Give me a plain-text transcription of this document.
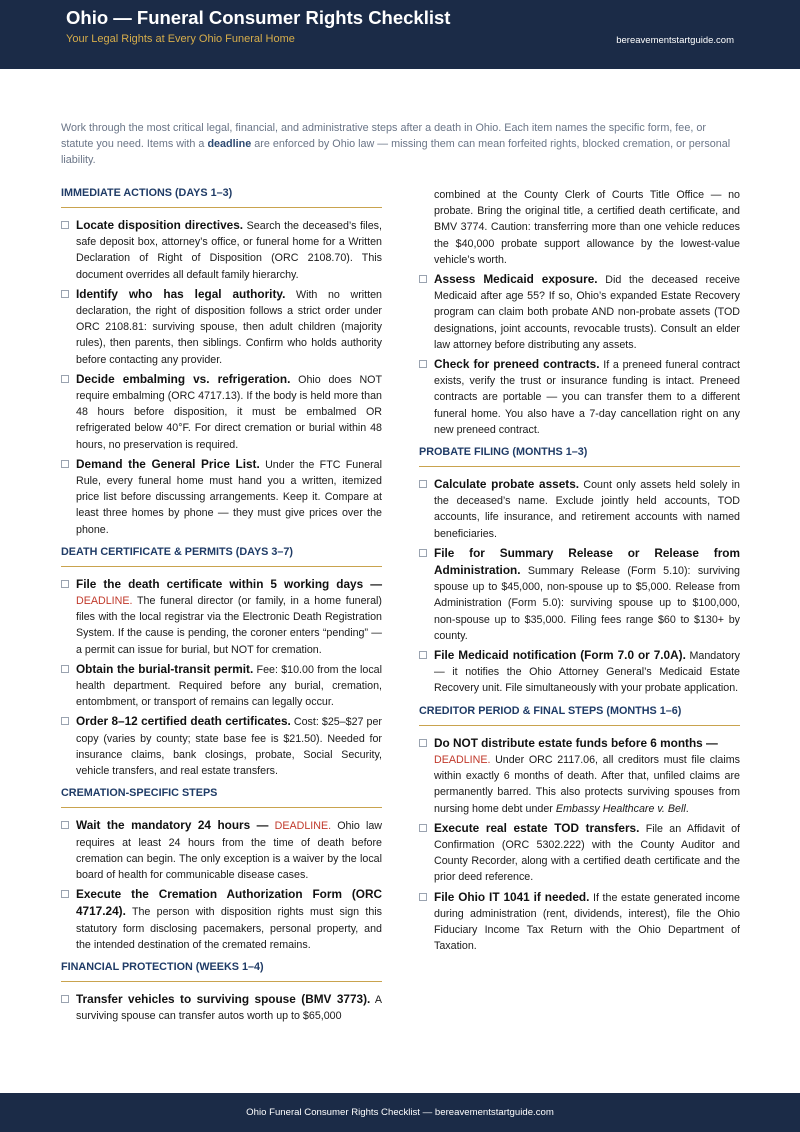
Ohio — Funeral Consumer Rights Checklist
Your Legal Rights at Every Ohio Funeral Home	bereavementstartguide.com
Work through the most critical legal, financial, and administrative steps after a death in Ohio. Each item names the specific form, fee, or statute you need. Items with a deadline are enforced by Ohio law — missing them can mean forfeited rights, blocked cremation, or personal liability.
IMMEDIATE ACTIONS (DAYS 1–3)
Locate disposition directives. Search the deceased’s files, safe deposit box, attorney’s office, or funeral home for a Written Declaration of Right of Disposition (ORC 2108.70). This document overrides all default family hierarchy.
Identify who has legal authority. With no written declaration, the right of disposition follows a strict order under ORC 2108.81: surviving spouse, then adult children (majority rules), then parents, then siblings. Confirm who holds authority before contacting any provider.
Decide embalming vs. refrigeration. Ohio does NOT require embalming (ORC 4717.13). If the body is held more than 48 hours before disposition, it must be embalmed OR refrigerated below 40°F. For direct cremation or burial within 48 hours, no preservation is required.
Demand the General Price List. Under the FTC Funeral Rule, every funeral home must hand you a written, itemized price list before discussing arrangements. Keep it. Compare at least three homes by phone — they must give prices over the phone.
DEATH CERTIFICATE & PERMITS (DAYS 3–7)
File the death certificate within 5 working days — DEADLINE. The funeral director (or family, in a home funeral) files with the local registrar via the Electronic Death Registration System. If the cause is pending, the coroner enters “pending” — a permit can issue for burial, but NOT for cremation.
Obtain the burial-transit permit. Fee: $10.00 from the local health department. Required before any burial, cremation, entombment, or transport of remains can legally occur.
Order 8–12 certified death certificates. Cost: $25–$27 per copy (varies by county; state base fee is $21.50). Needed for insurance claims, bank closings, probate, Social Security, vehicle transfers, and real estate transfers.
CREMATION-SPECIFIC STEPS
Wait the mandatory 24 hours — DEADLINE. Ohio law requires at least 24 hours from the time of death before cremation can begin. The only exception is a waiver by the local board of health for communicable disease cases.
Execute the Cremation Authorization Form (ORC 4717.24). The person with disposition rights must sign this statutory form disclosing pacemakers, personal property, and the intended destination of the cremated remains.
FINANCIAL PROTECTION (WEEKS 1–4)
Transfer vehicles to surviving spouse (BMV 3773). A surviving spouse can transfer autos worth up to $65,000
combined at the County Clerk of Courts Title Office — no probate. Bring the original title, a certified death certificate, and BMV 3774. Caution: transferring more than one vehicle reduces the $40,000 probate support allowance by the lowest-value vehicle’s worth.
Assess Medicaid exposure. Did the deceased receive Medicaid after age 55? If so, Ohio’s expanded Estate Recovery program can claim both probate AND non-probate assets (TOD designations, joint accounts, revocable trusts). Consult an elder law attorney before distributing any assets.
Check for preneed contracts. If a preneed funeral contract exists, verify the trust or insurance funding is intact. Preneed contracts are portable — you can transfer them to a different funeral home. You also have a 7-day cancellation right on any new preneed contract.
PROBATE FILING (MONTHS 1–3)
Calculate probate assets. Count only assets held solely in the deceased’s name. Exclude jointly held accounts, TOD accounts, life insurance, and retirement accounts with named beneficiaries.
File for Summary Release or Release from Administration. Summary Release (Form 5.10): surviving spouse up to $45,000, non-spouse up to $5,000. Release from Administration (Form 5.0): surviving spouse up to $100,000, non-spouse up to $35,000. Filing fees range $60 to $130+ by county.
File Medicaid notification (Form 7.0 or 7.0A). Mandatory — it notifies the Ohio Attorney General’s Medicaid Estate Recovery unit. File simultaneously with your probate application.
CREDITOR PERIOD & FINAL STEPS (MONTHS 1–6)
Do NOT distribute estate funds before 6 months —
DEADLINE. Under ORC 2117.06, all creditors must file claims within exactly 6 months of death. After that, unfiled claims are permanently barred. This also protects surviving spouses from nursing home debt under Embassy Healthcare v. Bell.
Execute real estate TOD transfers. File an Affidavit of Confirmation (ORC 5302.222) with the County Auditor and County Recorder, along with a certified death certificate and the prior deed reference.
File Ohio IT 1041 if needed. If the estate generated income during administration (rent, dividends, interest), file the Ohio Fiduciary Income Tax Return with the Ohio Department of Taxation.
Ohio Funeral Consumer Rights Checklist — bereavementstartguide.com
